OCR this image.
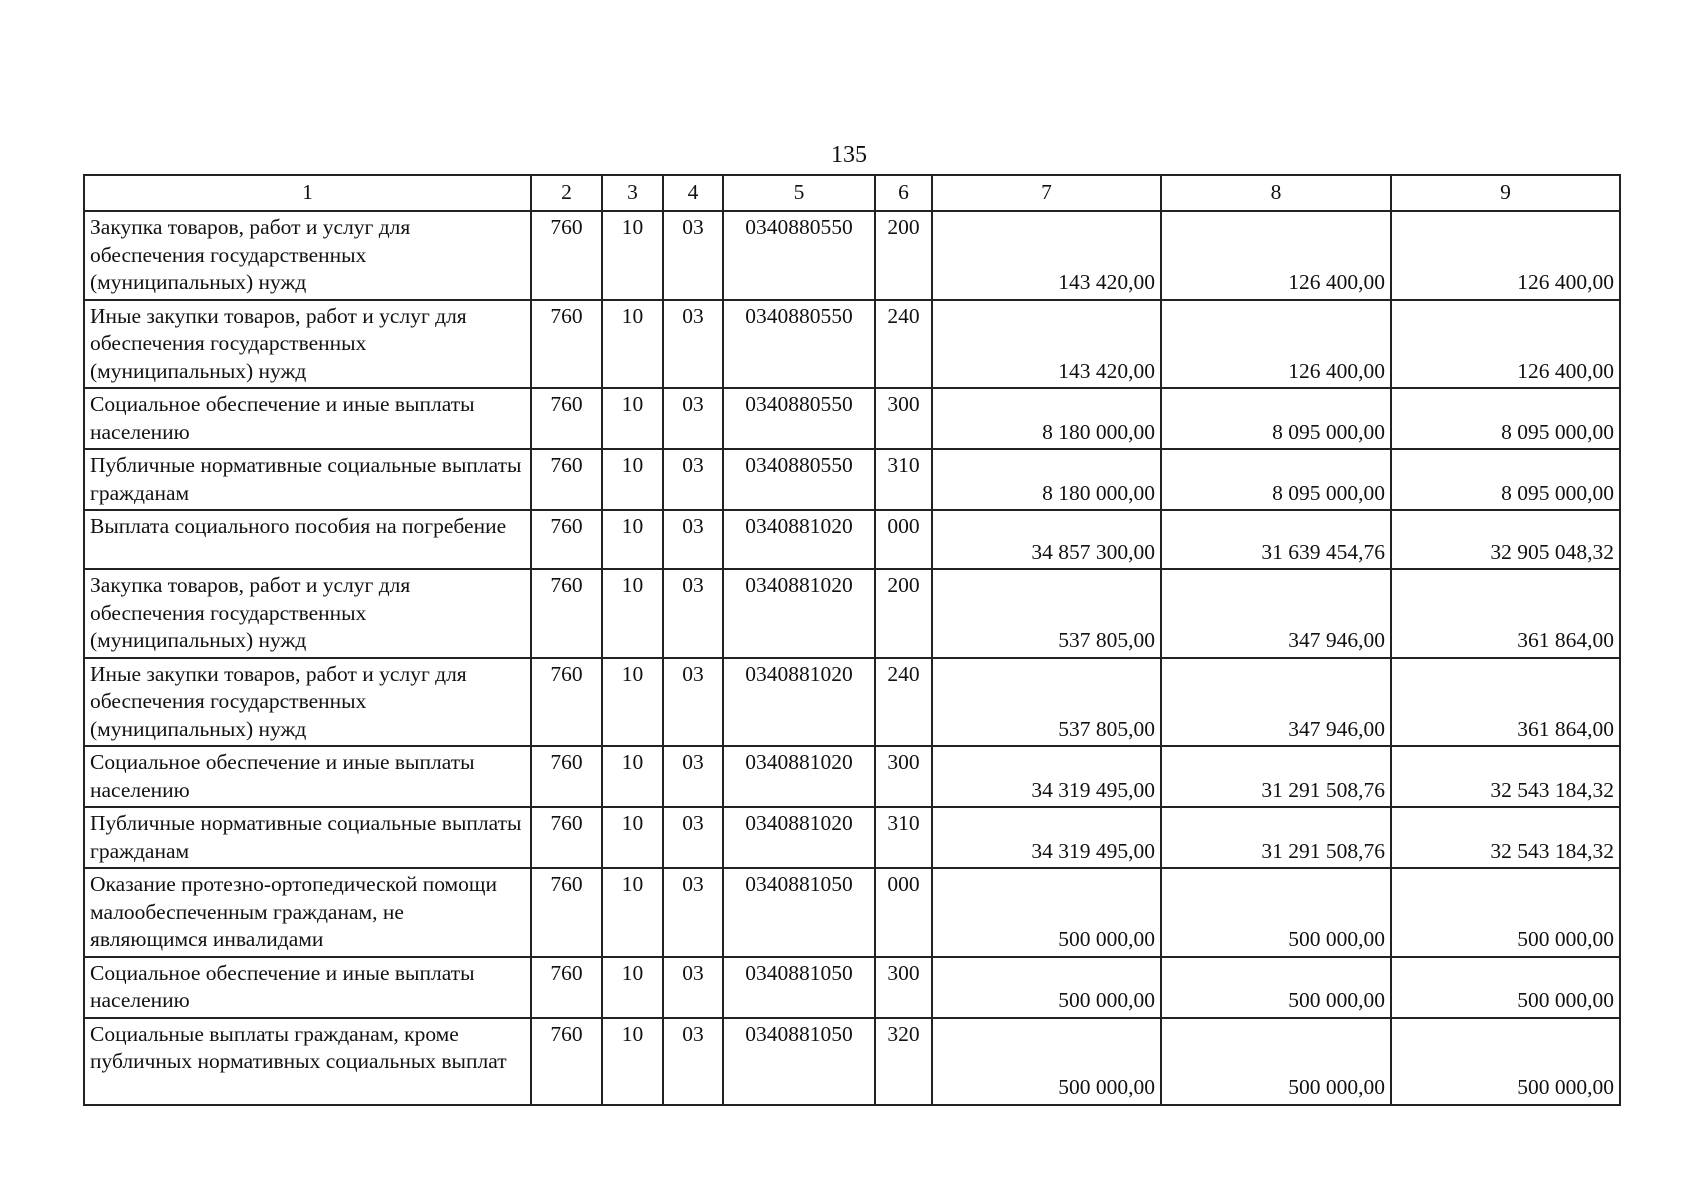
135
1	2	3	4	5	6	7	8	9
Закупка товаров, работ и услуг для обеспечения государственных (муниципальных) нужд	760	10	03	0340880550	200	143 420,00	126 400,00	126 400,00
Иные закупки товаров, работ и услуг для обеспечения государственных (муниципальных) нужд	760	10	03	0340880550	240	143 420,00	126 400,00	126 400,00
Социальное обеспечение и иные выплаты населению	760	10	03	0340880550	300	8 180 000,00	8 095 000,00	8 095 000,00
Публичные нормативные социальные выплаты гражданам	760	10	03	0340880550	310	8 180 000,00	8 095 000,00	8 095 000,00
Выплата социального пособия на погребение	760	10	03	0340881020	000	34 857 300,00	31 639 454,76	32 905 048,32
Закупка товаров, работ и услуг для обеспечения государственных (муниципальных) нужд	760	10	03	0340881020	200	537 805,00	347 946,00	361 864,00
Иные закупки товаров, работ и услуг для обеспечения государственных (муниципальных) нужд	760	10	03	0340881020	240	537 805,00	347 946,00	361 864,00
Социальное обеспечение и иные выплаты населению	760	10	03	0340881020	300	34 319 495,00	31 291 508,76	32 543 184,32
Публичные нормативные социальные выплаты гражданам	760	10	03	0340881020	310	34 319 495,00	31 291 508,76	32 543 184,32
Оказание протезно-ортопедической помощи малообеспеченным гражданам, не являющимся инвалидами	760	10	03	0340881050	000	500 000,00	500 000,00	500 000,00
Социальное обеспечение и иные выплаты населению	760	10	03	0340881050	300	500 000,00	500 000,00	500 000,00
Социальные выплаты гражданам, кроме публичных нормативных социальных выплат	760	10	03	0340881050	320	500 000,00	500 000,00	500 000,00
